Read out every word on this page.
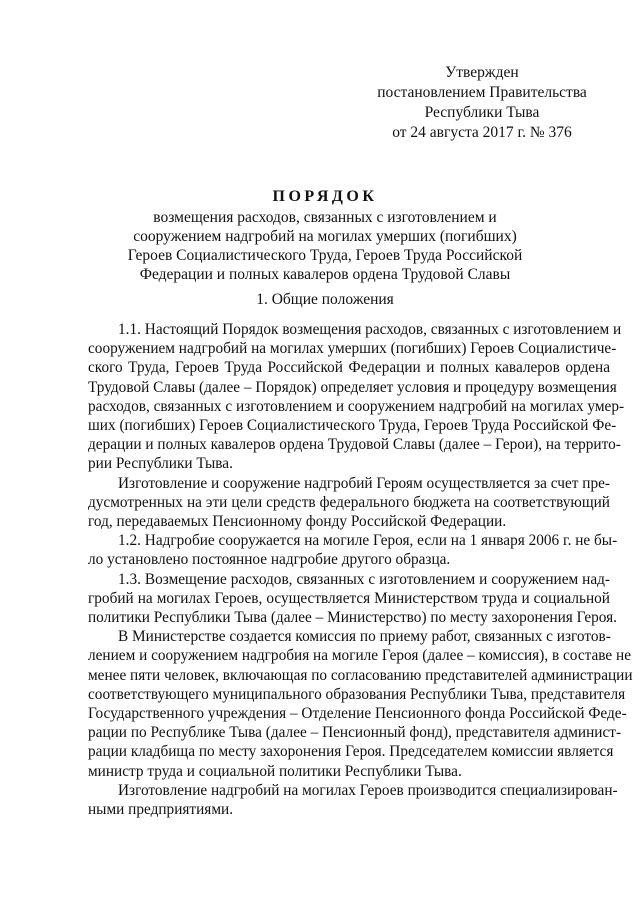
Утвержден
постановлением Правительства
Республики Тыва
от 24 августа 2017 г. № 376
ПОРЯДОК
возмещения расходов, связанных с изготовлением и
сооружением надгробий на могилах умерших (погибших)
Героев Социалистического Труда, Героев Труда Российской
Федерации и полных кавалеров ордена Трудовой Славы
1. Общие положения

1.1. Настоящий Порядок возмещения расходов, связанных с изготовлением и
сооружением надгробий на могилах умерших (погибших) Героев Социалистиче-
ского Труда, Героев Труда Российской Федерации и полных кавалеров ордена
Трудовой Славы (далее – Порядок) определяет условия и процедуру возмещения
расходов, связанных с изготовлением и сооружением надгробий на могилах умер-
ших (погибших) Героев Социалистического Труда, Героев Труда Российской Фе-
дерации и полных кавалеров ордена Трудовой Славы (далее – Герои), на террито-
рии Республики Тыва.

Изготовление и сооружение надгробий Героям осуществляется за счет пре-
дусмотренных на эти цели средств федерального бюджета на соответствующий
год, передаваемых Пенсионному фонду Российской Федерации.

1.2. Надгробие сооружается на могиле Героя, если на 1 января 2006 г. не бы-
ло установлено постоянное надгробие другого образца.

1.3. Возмещение расходов, связанных с изготовлением и сооружением над-
гробий на могилах Героев, осуществляется Министерством труда и социальной
политики Республики Тыва (далее – Министерство) по месту захоронения Героя.

В Министерстве создается комиссия по приему работ, связанных с изготов-
лением и сооружением надгробия на могиле Героя (далее – комиссия), в составе не
менее пяти человек, включающая по согласованию представителей администрации
соответствующего муниципального образования Республики Тыва, представителя
Государственного учреждения – Отделение Пенсионного фонда Российской Феде-
рации по Республике Тыва (далее – Пенсионный фонд), представителя админист-
рации кладбища по месту захоронения Героя. Председателем комиссии является
министр труда и социальной политики Республики Тыва.

Изготовление надгробий на могилах Героев производится специализирован-
ными предприятиями.
